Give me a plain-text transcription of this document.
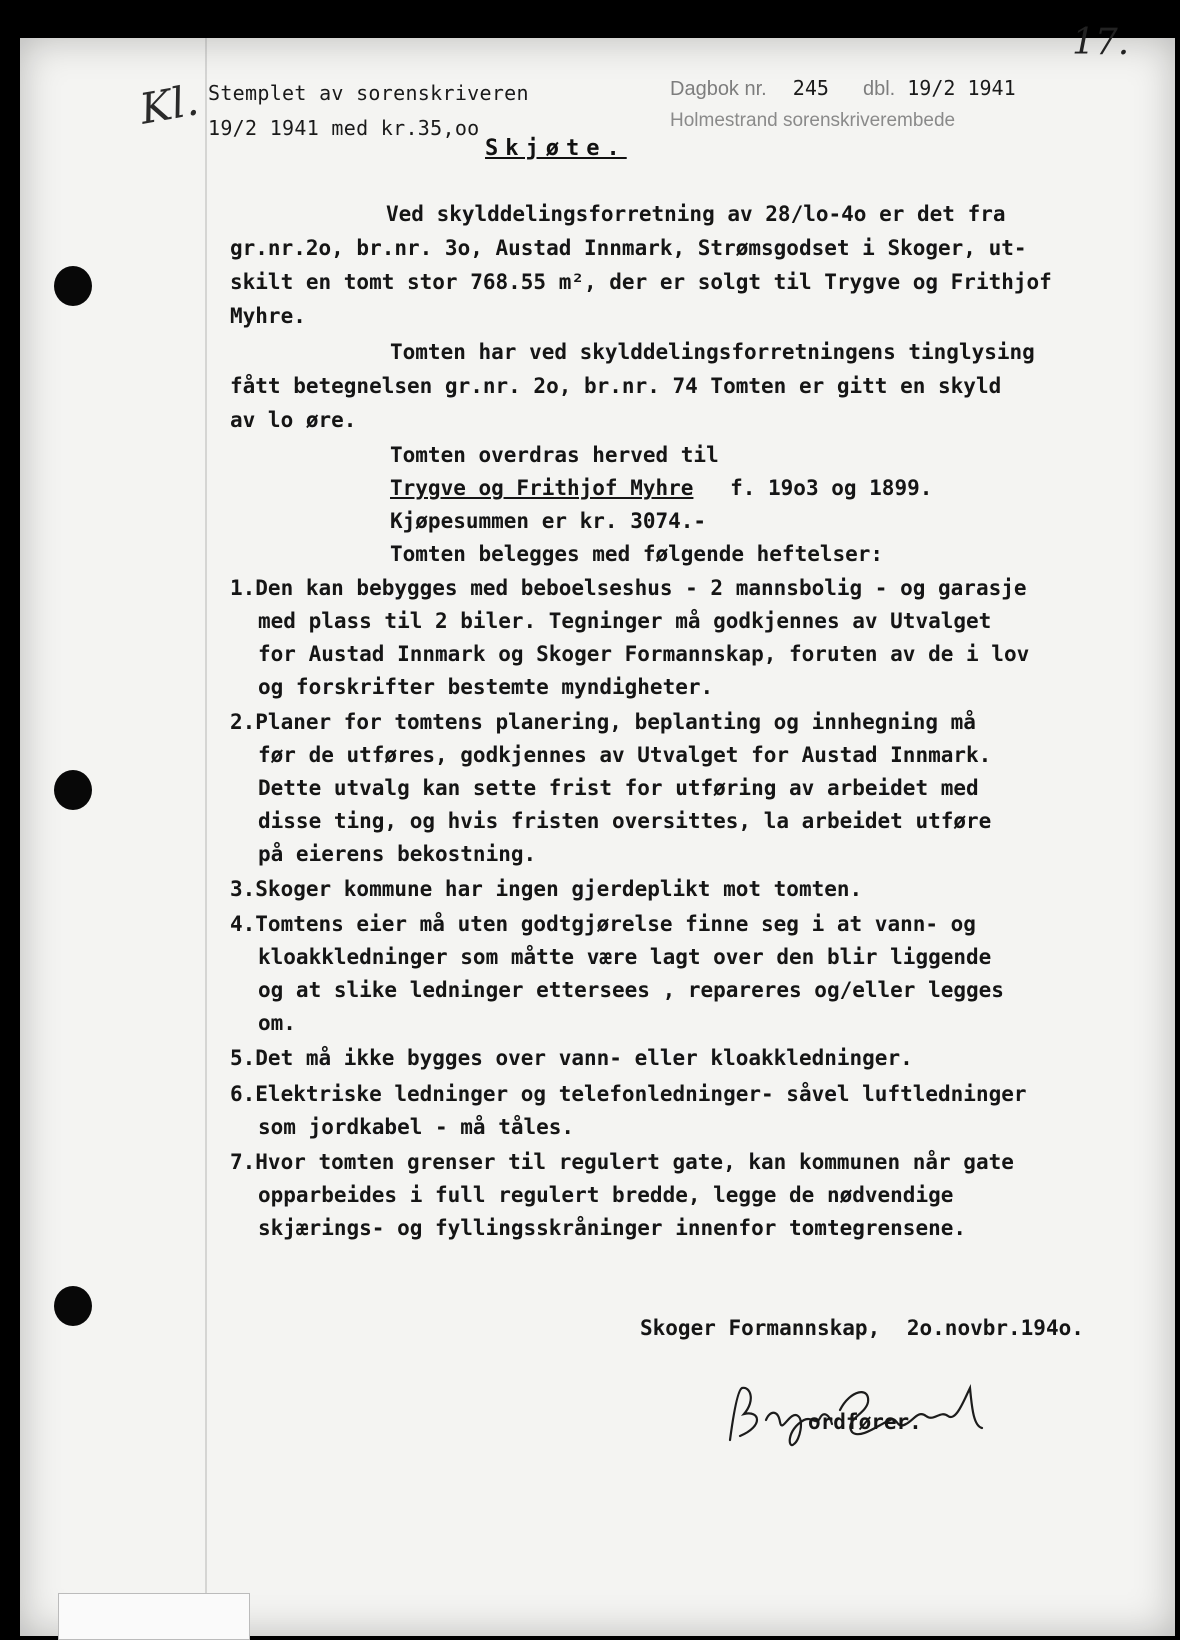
Kl.
17.
Stemplet av sorenskriveren
19/2 1941 med kr.35,oo
Dagbok nr. 245 dbl. 19/2 1941
Holmestrand sorenskriverembede
Skjøte.
Ved skylddelingsforretning av 28/lo-4o er det fra
gr.nr.2o, br.nr. 3o, Austad Innmark, Strømsgodset i Skoger, ut-
skilt en tomt stor 768.55 m², der er solgt til Trygve og Frithjof
Myhre.
Tomten har ved skylddelingsforretningens tinglysing
fått betegnelsen gr.nr. 2o, br.nr. 74 Tomten er gitt en skyld
av lo øre.
Tomten overdras herved til
Trygve og Frithjof Myhre f. 19o3 og 1899.
Kjøpesummen er kr. 3074.-
Tomten belegges med følgende heftelser:
1.Den kan bebygges med beboelseshus - 2 mannsbolig - og garasje
med plass til 2 biler. Tegninger må godkjennes av Utvalget
for Austad Innmark og Skoger Formannskap, foruten av de i lov
og forskrifter bestemte myndigheter.
2.Planer for tomtens planering, beplanting og innhegning må
før de utføres, godkjennes av Utvalget for Austad Innmark.
Dette utvalg kan sette frist for utføring av arbeidet med
disse ting, og hvis fristen oversittes, la arbeidet utføre
på eierens bekostning.
3.Skoger kommune har ingen gjerdeplikt mot tomten.
4.Tomtens eier må uten godtgjørelse finne seg i at vann- og
kloakkledninger som måtte være lagt over den blir liggende
og at slike ledninger ettersees , repareres og/eller legges
om.
5.Det må ikke bygges over vann- eller kloakkledninger.
6.Elektriske ledninger og telefonledninger- såvel luftledninger
som jordkabel - må tåles.
7.Hvor tomten grenser til regulert gate, kan kommunen når gate
opparbeides i full regulert bredde, legge de nødvendige
skjærings- og fyllingsskråninger innenfor tomtegrensene.
Skoger Formannskap, 2o.novbr.194o.
ordfører.
